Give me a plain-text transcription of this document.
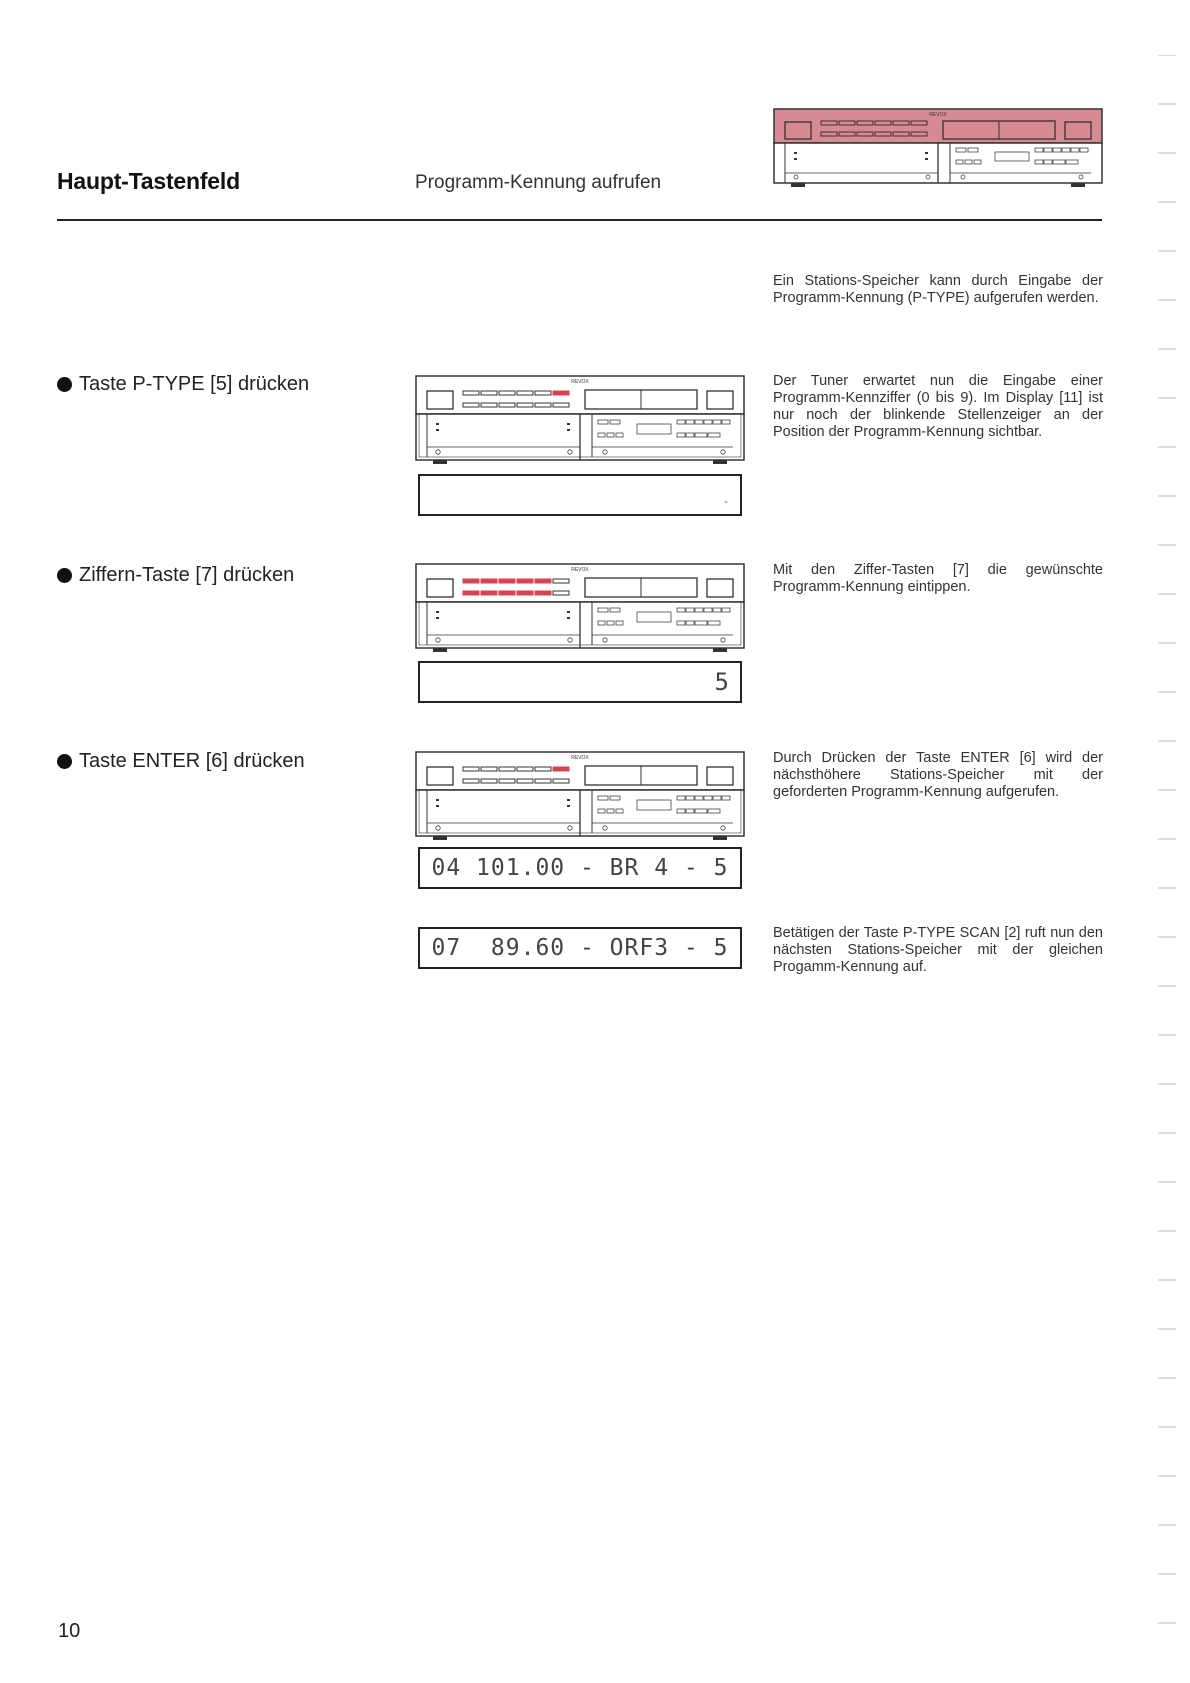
Haupt-Tastenfeld	Programm-Kennung aufrufen
REVOX
Ein Stations-Speicher kann durch Eingabe der Programm-Kennung (P-TYPE) aufgerufen werden.
Taste P-TYPE [5] drücken	REVOX
-
Der Tuner erwartet nun die Eingabe einer Programm-Kennziffer (0 bis 9). Im Display [11] ist nur noch der blinkende Stellenzeiger an der Position der Programm-Kennung sichtbar.
Ziffern-Taste [7] drücken	REVOX
5
Mit den Ziffer-Tasten [7] die gewünschte Programm-Kennung eintippen.
Taste ENTER [6] drücken	REVOX
04 101.00 - BR 4 - 5
Durch Drücken der Taste ENTER [6] wird der nächsthöhere Stations-Speicher mit der geforderten Programm-Kennung aufgerufen.
07  89.60 - ORF3 - 5
Betätigen der Taste P-TYPE SCAN [2] ruft nun den nächsten Stations-Speicher mit der gleichen Progamm-Kennung auf.
10
